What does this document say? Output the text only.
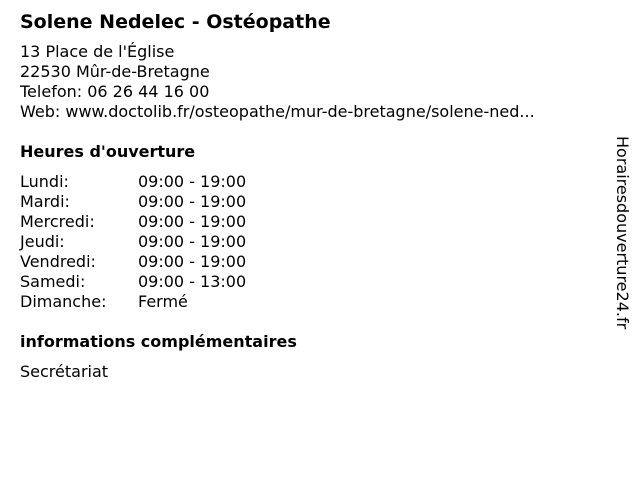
Solene Nedelec - Ostéopathe
13 Place de l'Église
22530 Mûr-de-Bretagne
Telefon: 06 26 44 16 00
Web: www.doctolib.fr/osteopathe/mur-de-bretagne/solene-ned...
Heures d'ouverture
Lundi:	09:00 - 19:00
Mardi:	09:00 - 19:00
Mercredi:	09:00 - 19:00
Jeudi:	09:00 - 19:00
Vendredi:	09:00 - 19:00
Samedi:	09:00 - 13:00
Dimanche:	Fermé
informations complémentaires
Secrétariat
Horairesdouverture24.fr
